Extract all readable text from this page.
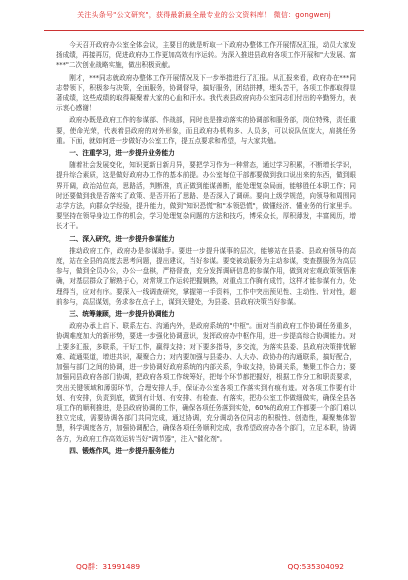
关注头条号"公文研究"，获得最新最全最专业的公文资料库！ 微信：gongwenj

今天召开政府办公室全体会议，主要目的就是听取一下政府办整体工作开展情况汇报，动员大家发扬成绩，再接再厉，促进政府办工作更加高效有序运转。为深入推进县政府各项工作开展和"大发展、富***"二次创业战略实施，做出积极贡献。

刚才，***同志就政府办整体工作开展情况及下一步举措进行了汇报。从汇报来看，政府办在***同志带领下，积极参与决策，全面服务，协调督导，搞好服务，团结拼搏，埋头苦干，各项工作都取得显著成绩，这些成绩的取得凝聚着大家的心血和汗水。我代表县政府向办公室同志们付出的辛勤努力，表示衷心感谢！

政府办既是政府工作的参谋部、作战部，同时也是推动落实的协调部和服务部，岗位特殊，责任重要，使命光荣，代表着县政府的对外形象，而且政府办机构多、人员多，可以说队伍庞大，肩挑任务重。下面，就如何进一步做好办公室工作，提五点要求和希望，与大家共勉。

一、注重学习，进一步提升业务能力

随着社会发展变化，知识更新日新月异，要把学习作为一种常态，通过学习积累，不断增长学识，提升综合素质，这是做好政府办工作的基本前提。办公室每位干部都要做到我口说出来的东西，做到眼界开阔，政治站位高，思路活，判断准，真正做到能谋善断，能处理复杂局面，能够胜任本职工作；同时还要做到我是否落实了政策、是否开拓了思路、是否深入了调研。要向上级学规范，向领导和周围同志学方法，向群众学经验，提升能力，做到"知识恐慌"和"本领恐慌"，做懂经济、懂业务的行家里手。要坚持在领导身边工作的机会，学习处理复杂问题的方法和技巧，博采众长，厚积薄发，丰富阅历，增长才干。

二、深入研究，进一步提升参谋能力

推动政府工作，政府办是参谋助手。要进一步提升谋事的层次，能够站在县委、县政府领导的高度，站在全县的高度去思考问题，提出建议，当好参谋。要变被动服务为主动参谋，变查摆服务为高层参与，做到全员办公，办公一盘棋，严格督查，充分发挥调研信息的参谋作用，做到对宏观政策领悟准确，对基层群众了解熟于心，对常规工作运转把握娴熟，对重点工作胸有成竹，这样才能参谋有力，处理得当，应对有序。要深入一线调查研究，掌握第一手资料，工作中突出预见性、主动性、针对性，超前参与，高层谋划，务求参在点子上，谋到关键处，为县委、县政府决策当好参谋。

三、统筹兼顾，进一步提升协调能力

政府办承上启下、联系左右、沟通内外，是政府系统的"中枢"。面对当前政府工作协调任务重多，协调难度加大的新形势，要进一步强化协调意识，发挥政府办中枢作用，进一步提高综合协调能力。对上要多汇报，多联系，干好工作，赢得支持；对下要多指导，多交流，为落实县委、县政府决策排忧解难、疏通渠道，增进共识，凝聚合力；对内要加强与县委办、人大办、政协办的沟通联系，搞好配合，加强与部门之间的协调，进一步协调好政府系统的内部关系，争取支持，协调关系，集聚工作合力；要加强同县政府各部门协调，把政府各项工作统筹好，把每个环节都把握好，根据工作分工和职责要求，突出关键领域和薄弱环节，合理安排人手，保证办公室各项工作落实到有痕有迹。对各项工作要有计划、有安排，负责到底，做到有计划、有安排、有检查、有落实，把办公室工作做细做实，确保全县各项工作的顺利推进，是县政府协调的工作，确保各项任务落到实处，60%的政府工作都要一个部门难以独立完成，需要协调各部门共同完成，通过协调，充分调动各位同志的积极性、创造性，凝聚集体智慧，科学调度各方，加强协调配合，确保各项任务顺利完成，我希望政府办各个部门，立足本职，协调各方，为政府工作高效运转当好"调节器"，注入"催化剂"。

四、锻炼作风，进一步提升服务能力

QQ群：31991489	QQ:535304092
